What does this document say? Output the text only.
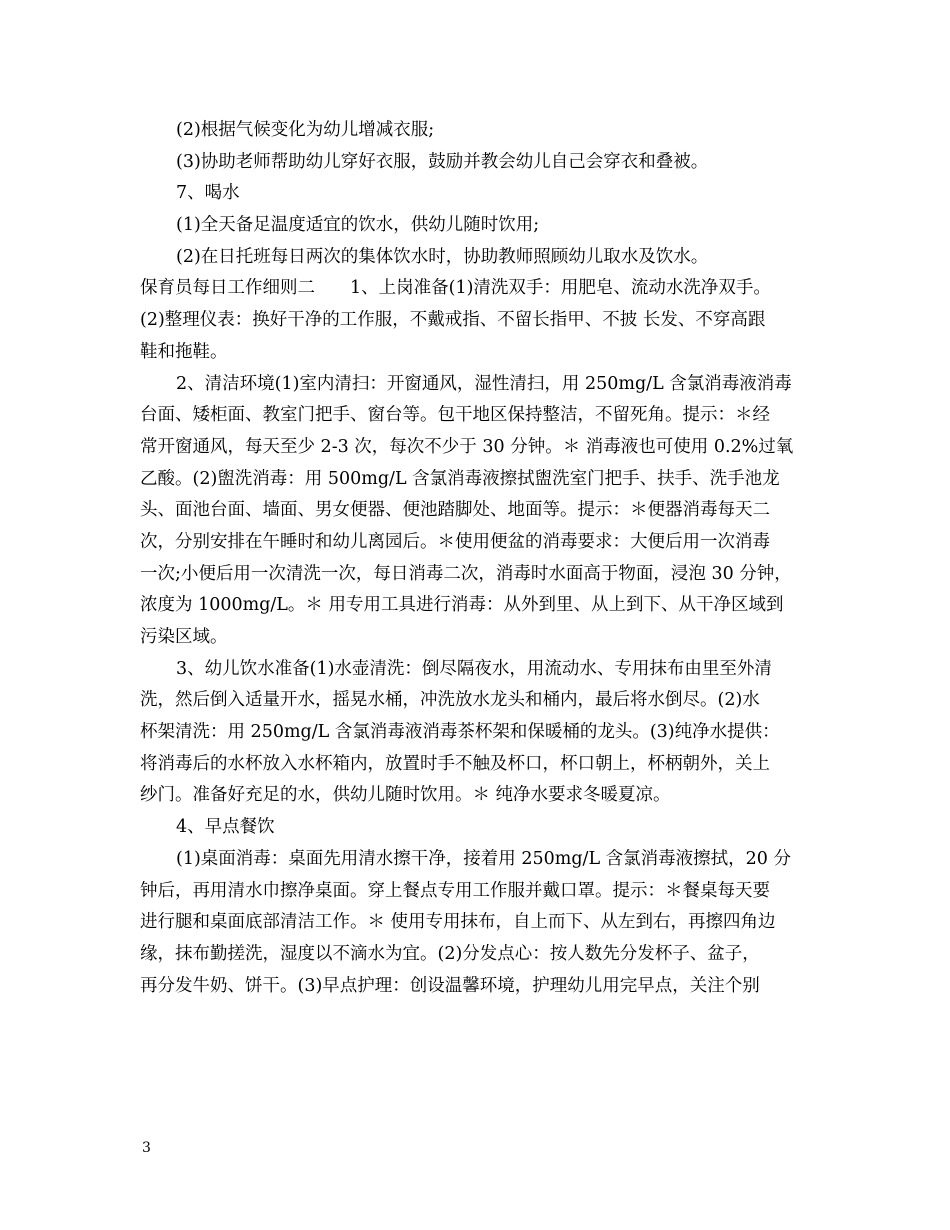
(2)根据气候变化为幼儿增减衣服;
(3)协助老师帮助幼儿穿好衣服，鼓励并教会幼儿自己会穿衣和叠被。
7、喝水
(1)全天备足温度适宜的饮水，供幼儿随时饮用;
(2)在日托班每日两次的集体饮水时，协助教师照顾幼儿取水及饮水。
保育员每日工作细则二　　1、上岗准备(1)清洗双手：用肥皂、流动水洗净双手。
(2)整理仪表：换好干净的工作服，不戴戒指、不留长指甲、不披 长发、不穿高跟
鞋和拖鞋。
2、清洁环境(1)室内清扫：开窗通风，湿性清扫，用 250mg/L 含氯消毒液消毒
台面、矮柜面、教室门把手、窗台等。包干地区保持整洁，不留死角。提示：＊经
常开窗通风，每天至少 2-3 次，每次不少于 30 分钟。＊ 消毒液也可使用 0.2%过氧
乙酸。(2)盥洗消毒：用 500mg/L 含氯消毒液擦拭盥洗室门把手、扶手、洗手池龙
头、面池台面、墙面、男女便器、便池踏脚处、地面等。提示：＊便器消毒每天二
次，分别安排在午睡时和幼儿离园后。＊使用便盆的消毒要求：大便后用一次消毒
一次;小便后用一次清洗一次，每日消毒二次，消毒时水面高于物面，浸泡 30 分钟，
浓度为 1000mg/L。＊ 用专用工具进行消毒：从外到里、从上到下、从干净区域到
污染区域。
3、幼儿饮水准备(1)水壶清洗：倒尽隔夜水，用流动水、专用抹布由里至外清
洗，然后倒入适量开水，摇晃水桶，冲洗放水龙头和桶内，最后将水倒尽。(2)水
杯架清洗：用 250mg/L 含氯消毒液消毒茶杯架和保暖桶的龙头。(3)纯净水提供：
将消毒后的水杯放入水杯箱内，放置时手不触及杯口，杯口朝上，杯柄朝外，关上
纱门。准备好充足的水，供幼儿随时饮用。＊ 纯净水要求冬暖夏凉。
4、早点餐饮
(1)桌面消毒：桌面先用清水擦干净，接着用 250mg/L 含氯消毒液擦拭，20 分
钟后，再用清水巾擦净桌面。穿上餐点专用工作服并戴口罩。提示：＊餐桌每天要
进行腿和桌面底部清洁工作。＊ 使用专用抹布，自上而下、从左到右，再擦四角边
缘，抹布勤搓洗，湿度以不滴水为宜。(2)分发点心：按人数先分发杯子、盆子，
再分发牛奶、饼干。(3)早点护理：创设温馨环境，护理幼儿用完早点，关注个别
3
